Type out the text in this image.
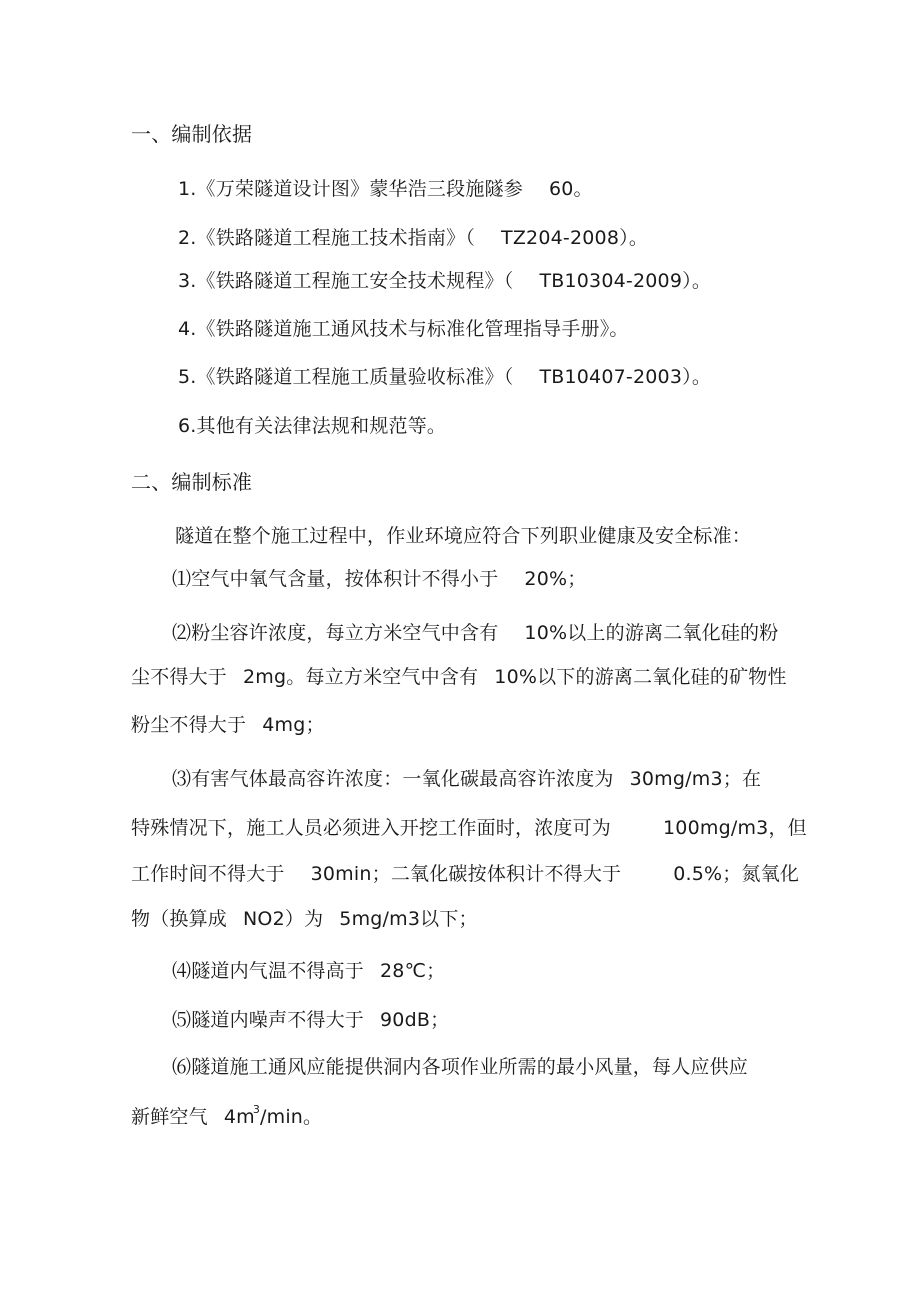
一、编制依据
1.《万荣隧道设计图》蒙华浩三段施隧参 60。
2.《铁路隧道工程施工技术指南》（ TZ204-2008）。
3.《铁路隧道工程施工安全技术规程》（ TB10304-2009）。
4.《铁路隧道施工通风技术与标准化管理指导手册》。
5.《铁路隧道工程施工质量验收标准》（ TB10407-2003）。
6.其他有关法律法规和规范等。
二、编制标准
隧道在整个施工过程中，作业环境应符合下列职业健康及安全标准：
⑴空气中氧气含量，按体积计不得小于 20%；
⑵粉尘容许浓度，每立方米空气中含有 10%以上的游离二氧化硅的粉
尘不得大于 2mg。每立方米空气中含有 10%以下的游离二氧化硅的矿物性
粉尘不得大于 4mg；
⑶有害气体最高容许浓度：一氧化碳最高容许浓度为 30mg/m3；在
特殊情况下，施工人员必须进入开挖工作面时，浓度可为	100mg/m3，但
工作时间不得大于 30min；二氧化碳按体积计不得大于	0.5%；氮氧化
物（换算成 NO2）为 5mg/m3以下；
⑷隧道内气温不得高于 28℃；
⑸隧道内噪声不得大于 90dB；
⑹隧道施工通风应能提供洞内各项作业所需的最小风量，每人应供应
新鲜空气 $4m^3/\min$。
